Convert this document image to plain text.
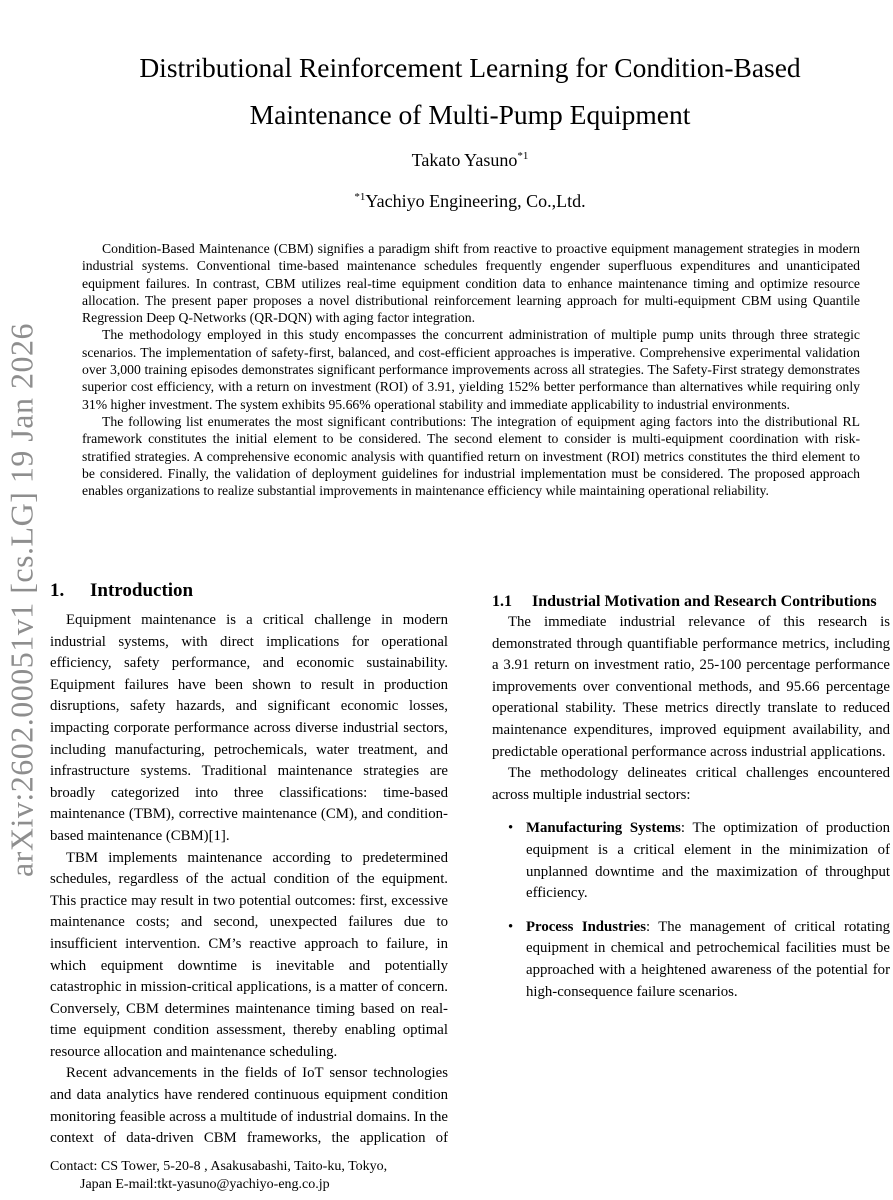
arXiv:2602.00051v1 [cs.LG] 19 Jan 2026
Distributional Reinforcement Learning for Condition-Based
Maintenance of Multi-Pump Equipment
Takato Yasuno$^{*1}$
$^{*1}$Yachiyo Engineering, Co.,Ltd.

Condition-Based Maintenance (CBM) signifies a paradigm shift from reactive to proactive equipment management strategies in modern industrial systems. Conventional time-based maintenance schedules frequently engender superfluous expenditures and unanticipated equipment failures. In contrast, CBM utilizes real-time equipment condition data to enhance maintenance timing and optimize resource allocation. The present paper proposes a novel distributional reinforcement learning approach for multi-equipment CBM using Quantile Regression Deep Q-Networks (QR-DQN) with aging factor integration.

The methodology employed in this study encompasses the concurrent administration of multiple pump units through three strategic scenarios. The implementation of safety-first, balanced, and cost-efficient approaches is imperative. Comprehensive experimental validation over 3,000 training episodes demonstrates significant performance improvements across all strategies. The Safety-First strategy demonstrates superior cost efficiency, with a return on investment (ROI) of 3.91, yielding 152% better performance than alternatives while requiring only 31% higher investment. The system exhibits 95.66% operational stability and immediate applicability to industrial environments.

The following list enumerates the most significant contributions: The integration of equipment aging factors into the distributional RL framework constitutes the initial element to be considered. The second element to consider is multi-equipment coordination with risk-stratified strategies. A comprehensive economic analysis with quantified return on investment (ROI) metrics constitutes the third element to be considered. Finally, the validation of deployment guidelines for industrial implementation must be considered. The proposed approach enables organizations to realize substantial improvements in maintenance efficiency while maintaining operational reliability.

1. Introduction

Equipment maintenance is a critical challenge in modern industrial systems, with direct implications for operational efficiency, safety performance, and economic sustainability. Equipment failures have been shown to result in production disruptions, safety hazards, and significant economic losses, impacting corporate performance across diverse industrial sectors, including manufacturing, petrochemicals, water treatment, and infrastructure systems. Traditional maintenance strategies are broadly categorized into three classifications: time-based maintenance (TBM), corrective maintenance (CM), and condition-based maintenance (CBM)[1].

TBM implements maintenance according to predetermined schedules, regardless of the actual condition of the equipment. This practice may result in two potential outcomes: first, excessive maintenance costs; and second, unexpected failures due to insufficient intervention. CM’s reactive approach to failure, in which equipment downtime is inevitable and potentially catastrophic in mission-critical applications, is a matter of concern. Conversely, CBM determines maintenance timing based on real-time equipment condition assessment, thereby enabling optimal resource allocation and maintenance scheduling.

Recent advancements in the fields of IoT sensor technologies and data analytics have rendered continuous equipment condition monitoring feasible across a multitude of industrial domains. In the context of data-driven CBM frameworks, the application of

1.1	Industrial Motivation and Research Contributions

The immediate industrial relevance of this research is demonstrated through quantifiable performance metrics, including a 3.91 return on investment ratio, 25-100 percentage performance improvements over conventional methods, and 95.66 percentage operational stability. These metrics directly translate to reduced maintenance expenditures, improved equipment availability, and predictable operational performance across industrial applications.

The methodology delineates critical challenges encountered across multiple industrial sectors:

• Manufacturing Systems: The optimization of production equipment is a critical element in the minimization of unplanned downtime and the maximization of throughput efficiency.
• Process Industries: The management of critical rotating equipment in chemical and petrochemical facilities must be approached with a heightened awareness of the potential for high-consequence failure scenarios.
Contact: CS Tower, 5-20-8 , Asakusabashi, Taito-ku, Tokyo,
Japan E-mail:tkt-yasuno@yachiyo-eng.co.jp
